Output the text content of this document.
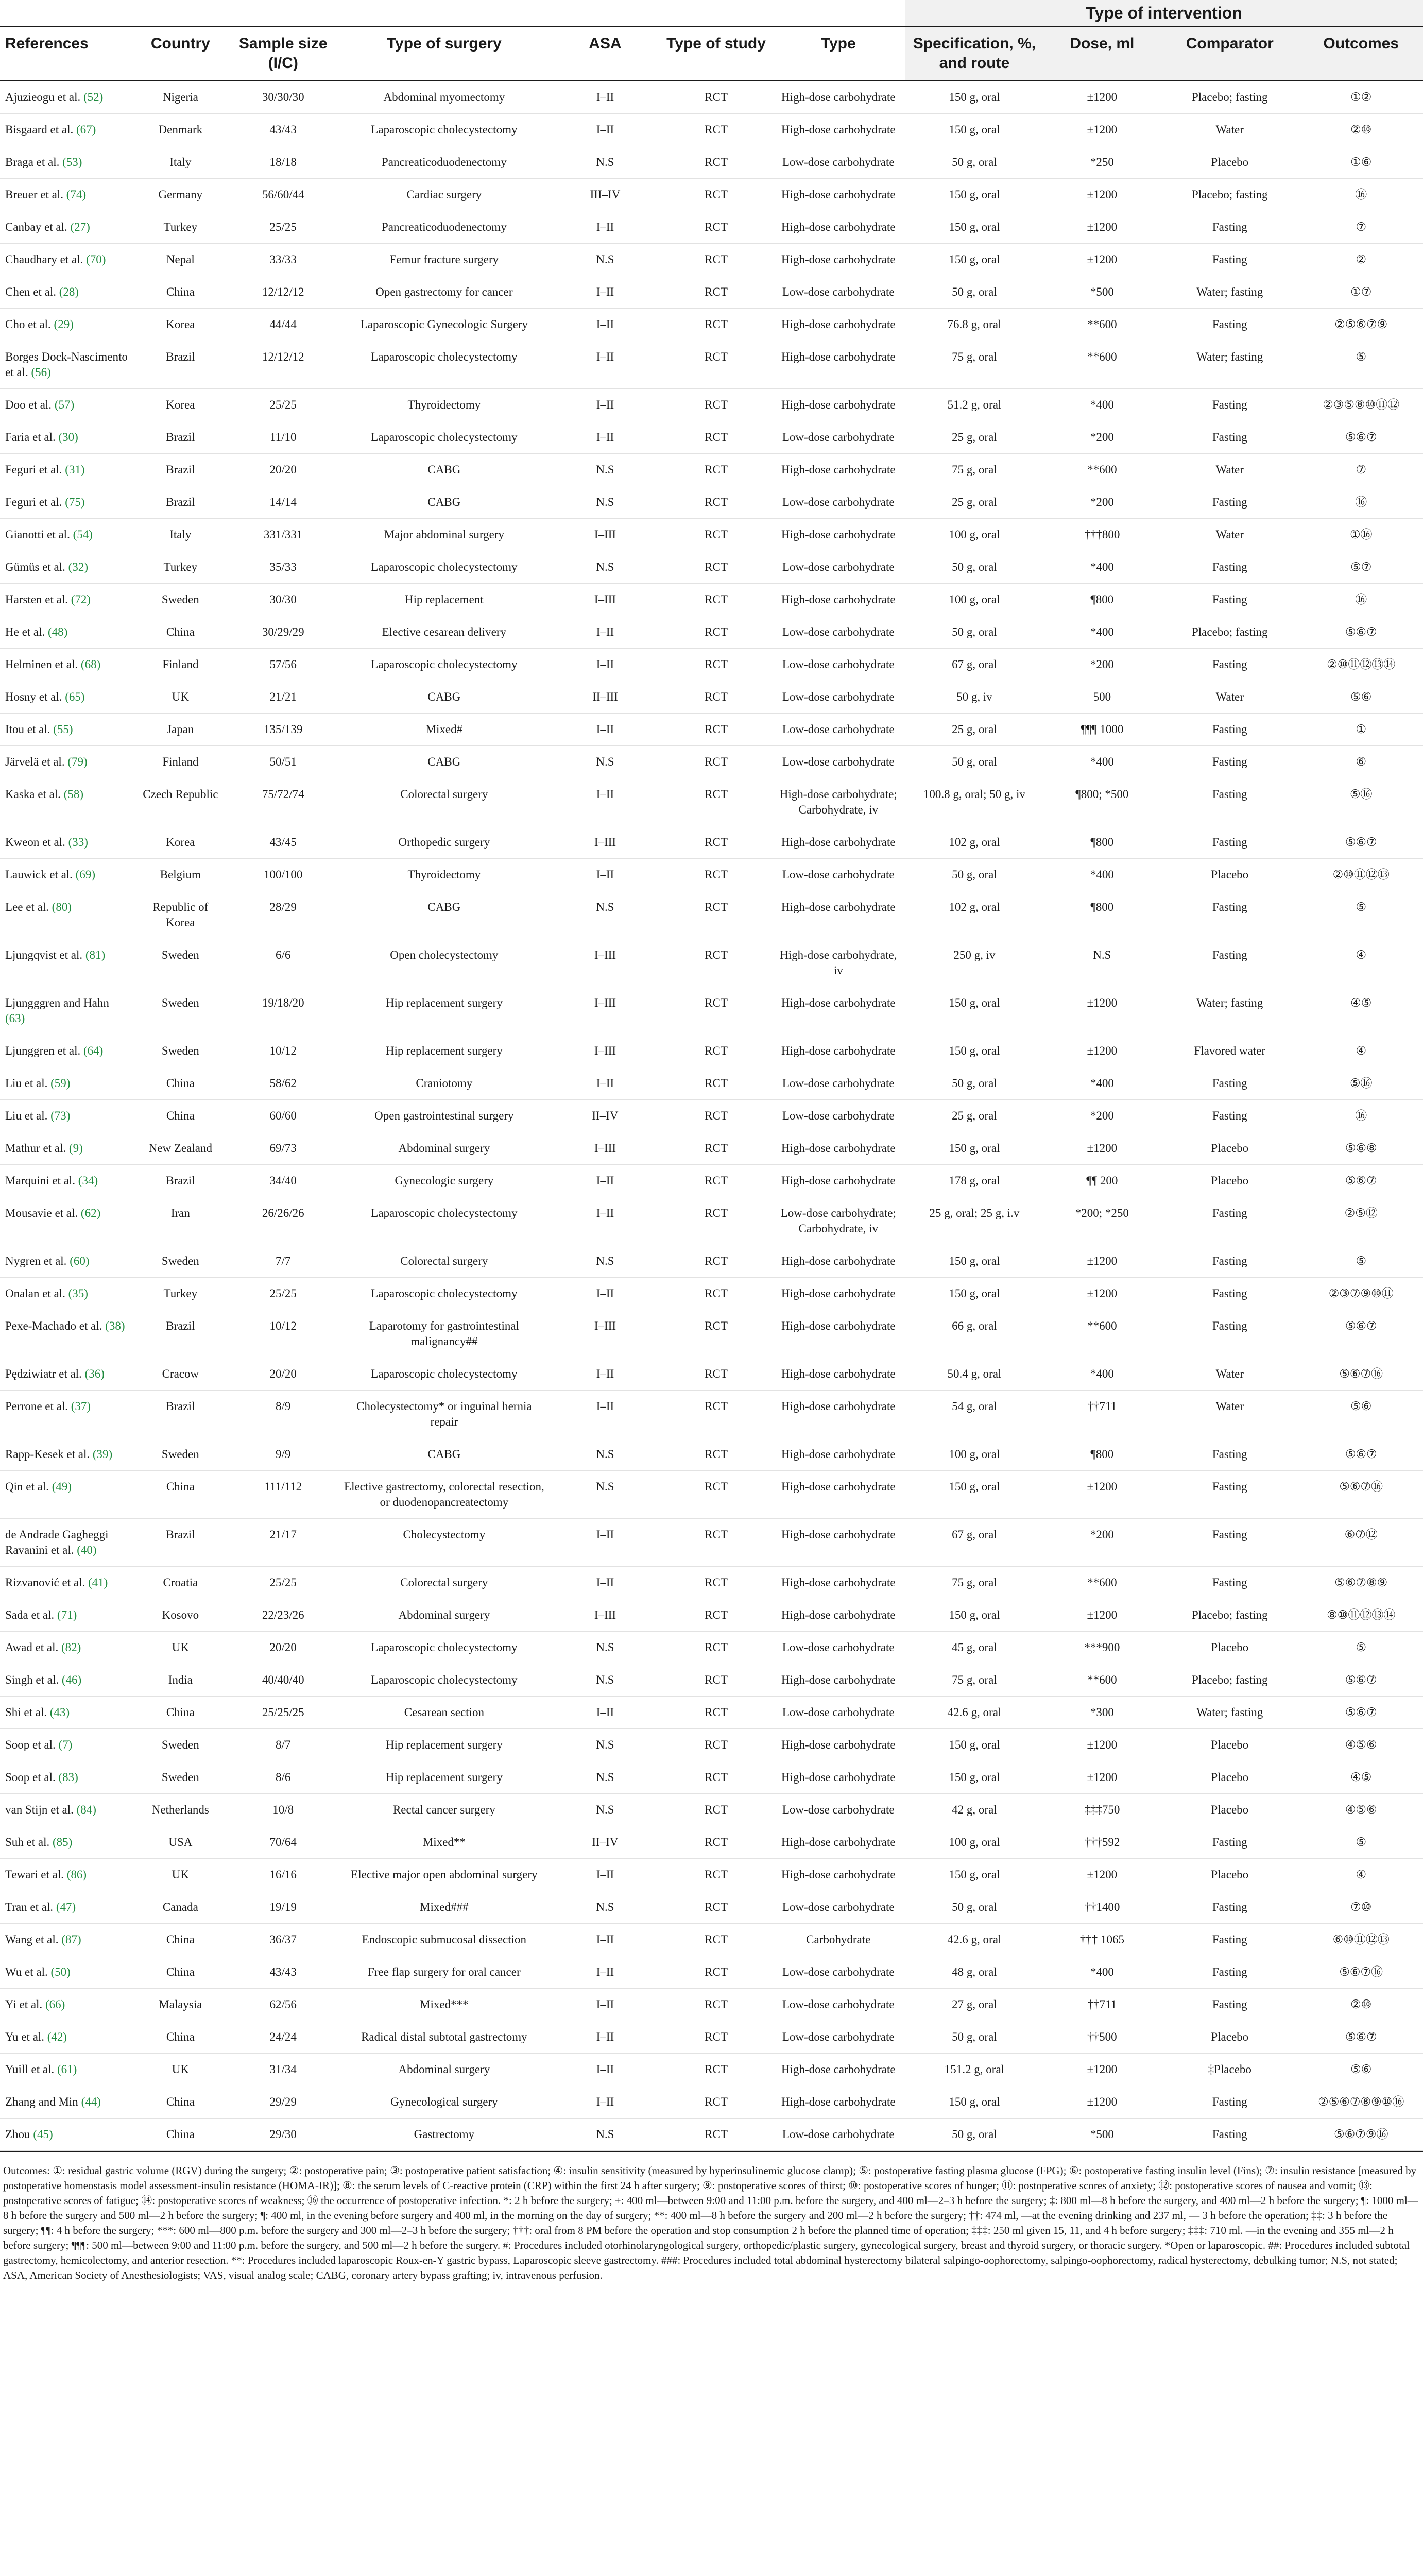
							Type of intervention			
References	Country	Sample size (I/C)	Type of surgery	ASA	Type of study	Type	Specification, %, and route	Dose, ml	Comparator	Outcomes
Ajuzieogu et al. (52)	Nigeria	30/30/30	Abdominal myomectomy	I–II	RCT	High-dose carbohydrate	150 g, oral	±1200	Placebo; fasting	①②
Bisgaard et al. (67)	Denmark	43/43	Laparoscopic cholecystectomy	I–II	RCT	High-dose carbohydrate	150 g, oral	±1200	Water	②⑩
Braga et al. (53)	Italy	18/18	Pancreaticoduodenectomy	N.S	RCT	Low-dose carbohydrate	50 g, oral	*250	Placebo	①⑥
Breuer et al. (74)	Germany	56/60/44	Cardiac surgery	III–IV	RCT	High-dose carbohydrate	150 g, oral	±1200	Placebo; fasting	⑯
Canbay et al. (27)	Turkey	25/25	Pancreaticoduodenectomy	I–II	RCT	High-dose carbohydrate	150 g, oral	±1200	Fasting	⑦
Chaudhary et al. (70)	Nepal	33/33	Femur fracture surgery	N.S	RCT	High-dose carbohydrate	150 g, oral	±1200	Fasting	②
Chen et al. (28)	China	12/12/12	Open gastrectomy for cancer	I–II	RCT	Low-dose carbohydrate	50 g, oral	*500	Water; fasting	①⑦
Cho et al. (29)	Korea	44/44	Laparoscopic Gynecologic Surgery	I–II	RCT	High-dose carbohydrate	76.8 g, oral	**600	Fasting	②⑤⑥⑦⑨
Borges Dock-Nascimento et al. (56)	Brazil	12/12/12	Laparoscopic cholecystectomy	I–II	RCT	High-dose carbohydrate	75 g, oral	**600	Water; fasting	⑤
Doo et al. (57)	Korea	25/25	Thyroidectomy	I–II	RCT	High-dose carbohydrate	51.2 g, oral	*400	Fasting	②③⑤⑧⑩⑪⑫
Faria et al. (30)	Brazil	11/10	Laparoscopic cholecystectomy	I–II	RCT	Low-dose carbohydrate	25 g, oral	*200	Fasting	⑤⑥⑦
Feguri et al. (31)	Brazil	20/20	CABG	N.S	RCT	High-dose carbohydrate	75 g, oral	**600	Water	⑦
Feguri et al. (75)	Brazil	14/14	CABG	N.S	RCT	Low-dose carbohydrate	25 g, oral	*200	Fasting	⑯
Gianotti et al. (54)	Italy	331/331	Major abdominal surgery	I–III	RCT	High-dose carbohydrate	100 g, oral	†††800	Water	①⑯
Gümüs et al. (32)	Turkey	35/33	Laparoscopic cholecystectomy	N.S	RCT	Low-dose carbohydrate	50 g, oral	*400	Fasting	⑤⑦
Harsten et al. (72)	Sweden	30/30	Hip replacement	I–III	RCT	High-dose carbohydrate	100 g, oral	¶800	Fasting	⑯
He et al. (48)	China	30/29/29	Elective cesarean delivery	I–II	RCT	Low-dose carbohydrate	50 g, oral	*400	Placebo; fasting	⑤⑥⑦
Helminen et al. (68)	Finland	57/56	Laparoscopic cholecystectomy	I–II	RCT	Low-dose carbohydrate	67 g, oral	*200	Fasting	②⑩⑪⑫⑬⑭
Hosny et al. (65)	UK	21/21	CABG	II–III	RCT	Low-dose carbohydrate	50 g, iv	500	Water	⑤⑥
Itou et al. (55)	Japan	135/139	Mixed#	I–II	RCT	Low-dose carbohydrate	25 g, oral	¶¶¶ 1000	Fasting	①
Järvelä et al. (79)	Finland	50/51	CABG	N.S	RCT	Low-dose carbohydrate	50 g, oral	*400	Fasting	⑥
Kaska et al. (58)	Czech Republic	75/72/74	Colorectal surgery	I–II	RCT	High-dose carbohydrate; Carbohydrate, iv	100.8 g, oral; 50 g, iv	¶800; *500	Fasting	⑤⑯
Kweon et al. (33)	Korea	43/45	Orthopedic surgery	I–III	RCT	High-dose carbohydrate	102 g, oral	¶800	Fasting	⑤⑥⑦
Lauwick et al. (69)	Belgium	100/100	Thyroidectomy	I–II	RCT	Low-dose carbohydrate	50 g, oral	*400	Placebo	②⑩⑪⑫⑬
Lee et al. (80)	Republic of Korea	28/29	CABG	N.S	RCT	High-dose carbohydrate	102 g, oral	¶800	Fasting	⑤
Ljungqvist et al. (81)	Sweden	6/6	Open cholecystectomy	I–III	RCT	High-dose carbohydrate, iv	250 g, iv	N.S	Fasting	④
Ljungggren and Hahn (63)	Sweden	19/18/20	Hip replacement surgery	I–III	RCT	High-dose carbohydrate	150 g, oral	±1200	Water; fasting	④⑤
Ljunggren et al. (64)	Sweden	10/12	Hip replacement surgery	I–III	RCT	High-dose carbohydrate	150 g, oral	±1200	Flavored water	④
Liu et al. (59)	China	58/62	Craniotomy	I–II	RCT	Low-dose carbohydrate	50 g, oral	*400	Fasting	⑤⑯
Liu et al. (73)	China	60/60	Open gastrointestinal surgery	II–IV	RCT	Low-dose carbohydrate	25 g, oral	*200	Fasting	⑯
Mathur et al. (9)	New Zealand	69/73	Abdominal surgery	I–III	RCT	High-dose carbohydrate	150 g, oral	±1200	Placebo	⑤⑥⑧
Marquini et al. (34)	Brazil	34/40	Gynecologic surgery	I–II	RCT	High-dose carbohydrate	178 g, oral	¶¶ 200	Placebo	⑤⑥⑦
Mousavie et al. (62)	Iran	26/26/26	Laparoscopic cholecystectomy	I–II	RCT	Low-dose carbohydrate; Carbohydrate, iv	25 g, oral; 25 g, i.v	*200; *250	Fasting	②⑤⑫
Nygren et al. (60)	Sweden	7/7	Colorectal surgery	N.S	RCT	High-dose carbohydrate	150 g, oral	±1200	Fasting	⑤
Onalan et al. (35)	Turkey	25/25	Laparoscopic cholecystectomy	I–II	RCT	High-dose carbohydrate	150 g, oral	±1200	Fasting	②③⑦⑨⑩⑪
Pexe-Machado et al. (38)	Brazil	10/12	Laparotomy for gastrointestinal malignancy##	I–III	RCT	High-dose carbohydrate	66 g, oral	**600	Fasting	⑤⑥⑦
Pędziwiatr et al. (36)	Cracow	20/20	Laparoscopic cholecystectomy	I–II	RCT	High-dose carbohydrate	50.4 g, oral	*400	Water	⑤⑥⑦⑯
Perrone et al. (37)	Brazil	8/9	Cholecystectomy* or inguinal hernia repair	I–II	RCT	High-dose carbohydrate	54 g, oral	††711	Water	⑤⑥
Rapp-Kesek et al. (39)	Sweden	9/9	CABG	N.S	RCT	High-dose carbohydrate	100 g, oral	¶800	Fasting	⑤⑥⑦
Qin et al. (49)	China	111/112	Elective gastrectomy, colorectal resection, or duodenopancreatectomy	N.S	RCT	High-dose carbohydrate	150 g, oral	±1200	Fasting	⑤⑥⑦⑯
de Andrade Gagheggi Ravanini et al. (40)	Brazil	21/17	Cholecystectomy	I–II	RCT	High-dose carbohydrate	67 g, oral	*200	Fasting	⑥⑦⑫
Rizvanović et al. (41)	Croatia	25/25	Colorectal surgery	I–II	RCT	High-dose carbohydrate	75 g, oral	**600	Fasting	⑤⑥⑦⑧⑨
Sada et al. (71)	Kosovo	22/23/26	Abdominal surgery	I–III	RCT	High-dose carbohydrate	150 g, oral	±1200	Placebo; fasting	⑧⑩⑪⑫⑬⑭
Awad et al. (82)	UK	20/20	Laparoscopic cholecystectomy	N.S	RCT	Low-dose carbohydrate	45 g, oral	***900	Placebo	⑤
Singh et al. (46)	India	40/40/40	Laparoscopic cholecystectomy	N.S	RCT	High-dose carbohydrate	75 g, oral	**600	Placebo; fasting	⑤⑥⑦
Shi et al. (43)	China	25/25/25	Cesarean section	I–II	RCT	Low-dose carbohydrate	42.6 g, oral	*300	Water; fasting	⑤⑥⑦
Soop et al. (7)	Sweden	8/7	Hip replacement surgery	N.S	RCT	High-dose carbohydrate	150 g, oral	±1200	Placebo	④⑤⑥
Soop et al. (83)	Sweden	8/6	Hip replacement surgery	N.S	RCT	High-dose carbohydrate	150 g, oral	±1200	Placebo	④⑤
van Stijn et al. (84)	Netherlands	10/8	Rectal cancer surgery	N.S	RCT	Low-dose carbohydrate	42 g, oral	‡‡‡750	Placebo	④⑤⑥
Suh et al. (85)	USA	70/64	Mixed**	II–IV	RCT	High-dose carbohydrate	100 g, oral	†††592	Fasting	⑤
Tewari et al. (86)	UK	16/16	Elective major open abdominal surgery	I–II	RCT	High-dose carbohydrate	150 g, oral	±1200	Placebo	④
Tran et al. (47)	Canada	19/19	Mixed###	N.S	RCT	Low-dose carbohydrate	50 g, oral	††1400	Fasting	⑦⑩
Wang et al. (87)	China	36/37	Endoscopic submucosal dissection	I–II	RCT	Carbohydrate	42.6 g, oral	††† 1065	Fasting	⑥⑩⑪⑫⑬
Wu et al. (50)	China	43/43	Free flap surgery for oral cancer	I–II	RCT	Low-dose carbohydrate	48 g, oral	*400	Fasting	⑤⑥⑦⑯
Yi et al. (66)	Malaysia	62/56	Mixed***	I–II	RCT	Low-dose carbohydrate	27 g, oral	††711	Fasting	②⑩
Yu et al. (42)	China	24/24	Radical distal subtotal gastrectomy	I–II	RCT	Low-dose carbohydrate	50 g, oral	††500	Placebo	⑤⑥⑦
Yuill et al. (61)	UK	31/34	Abdominal surgery	I–II	RCT	High-dose carbohydrate	151.2 g, oral	±1200	‡Placebo	⑤⑥
Zhang and Min (44)	China	29/29	Gynecological surgery	I–II	RCT	High-dose carbohydrate	150 g, oral	±1200	Fasting	②⑤⑥⑦⑧⑨⑩⑯
Zhou (45)	China	29/30	Gastrectomy	N.S	RCT	Low-dose carbohydrate	50 g, oral	*500	Fasting	⑤⑥⑦⑨⑯
Outcomes: ①: residual gastric volume (RGV) during the surgery; ②: postoperative pain; ③: postoperative patient satisfaction; ④: insulin sensitivity (measured by hyperinsulinemic glucose clamp); ⑤: postoperative fasting plasma glucose (FPG); ⑥: postoperative fasting insulin level (Fins); ⑦: insulin resistance [measured by postoperative homeostasis model assessment-insulin resistance (HOMA-IR)]; ⑧: the serum levels of C-reactive protein (CRP) within the first 24 h after surgery; ⑨: postoperative scores of thirst; ⑩: postoperative scores of hunger; ⑪: postoperative scores of anxiety; ⑫: postoperative scores of nausea and vomit; ⑬: postoperative scores of fatigue; ⑭: postoperative scores of weakness; ⑯ the occurrence of postoperative infection. *: 2 h before the surgery; ±: 400 ml—between 9:00 and 11:00 p.m. before the surgery, and 400 ml—2–3 h before the surgery; ‡: 800 ml—8 h before the surgery, and 400 ml—2 h before the surgery; ¶: 1000 ml—8 h before the surgery and 500 ml—2 h before the surgery; ¶: 400 ml, in the evening before surgery and 400 ml, in the morning on the day of surgery; **: 400 ml—8 h before the surgery and 200 ml—2 h before the surgery; ††: 474 ml, —at the evening drinking and 237 ml, — 3 h before the operation; ‡‡: 3 h before the surgery; ¶¶: 4 h before the surgery; ***: 600 ml—800 p.m. before the surgery and 300 ml—2–3 h before the surgery; †††: oral from 8 PM before the operation and stop consumption 2 h before the planned time of operation; ‡‡‡: 250 ml given 15, 11, and 4 h before surgery; ‡‡‡: 710 ml. —in the evening and 355 ml—2 h before surgery; ¶¶¶: 500 ml—between 9:00 and 11:00 p.m. before the surgery, and 500 ml—2 h before the surgery. #: Procedures included otorhinolaryngological surgery, orthopedic/plastic surgery, gynecological surgery, breast and thyroid surgery, or thoracic surgery. *Open or laparoscopic. ##: Procedures included subtotal gastrectomy, hemicolectomy, and anterior resection. **: Procedures included laparoscopic Roux-en-Y gastric bypass, Laparoscopic sleeve gastrectomy. ###: Procedures included total abdominal hysterectomy bilateral salpingo-oophorectomy, salpingo-oophorectomy, radical hysterectomy, debulking tumor; N.S, not stated; ASA, American Society of Anesthesiologists; VAS, visual analog scale; CABG, coronary artery bypass grafting; iv, intravenous perfusion.
